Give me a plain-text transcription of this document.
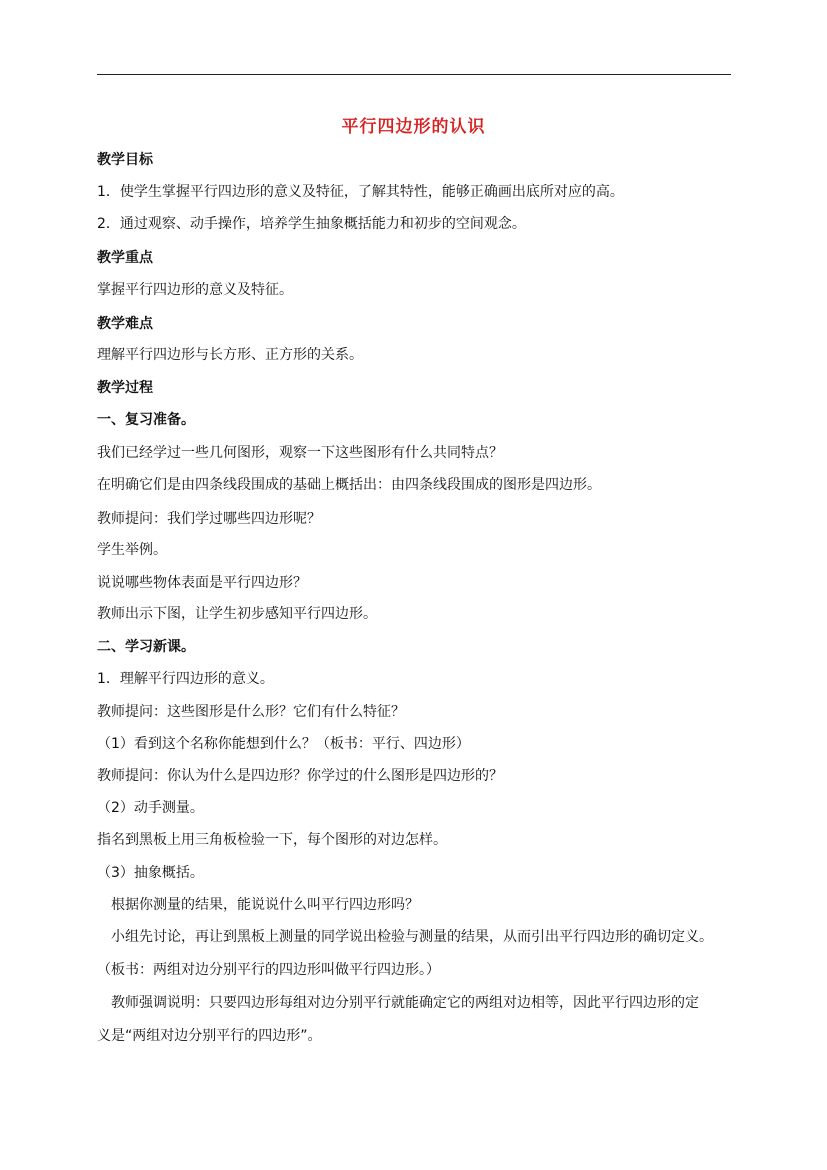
平行四边形的认识
教学目标
1．使学生掌握平行四边形的意义及特征，了解其特性，能够正确画出底所对应的高。
2．通过观察、动手操作，培养学生抽象概括能力和初步的空间观念。
教学重点
掌握平行四边形的意义及特征。
教学难点
理解平行四边形与长方形、正方形的关系。
教学过程
一、复习准备。
我们已经学过一些几何图形，观察一下这些图形有什么共同特点？
在明确它们是由四条线段围成的基础上概括出：由四条线段围成的图形是四边形。
教师提问：我们学过哪些四边形呢？
学生举例。
说说哪些物体表面是平行四边形？
教师出示下图，让学生初步感知平行四边形。
二、学习新课。
1．理解平行四边形的意义。
教师提问：这些图形是什么形？它们有什么特征？
（1）看到这个名称你能想到什么？（板书：平行、四边形）
教师提问：你认为什么是四边形？你学过的什么图形是四边形的？
（2）动手测量。
指名到黑板上用三角板检验一下，每个图形的对边怎样。
（3）抽象概括。
　根据你测量的结果，能说说什么叫平行四边形吗？
　小组先讨论，再让到黑板上测量的同学说出检验与测量的结果，从而引出平行四边形的确切定义。
（板书：两组对边分别平行的四边形叫做平行四边形。）
　教师强调说明：只要四边形每组对边分别平行就能确定它的两组对边相等，因此平行四边形的定
义是“两组对边分别平行的四边形”。
